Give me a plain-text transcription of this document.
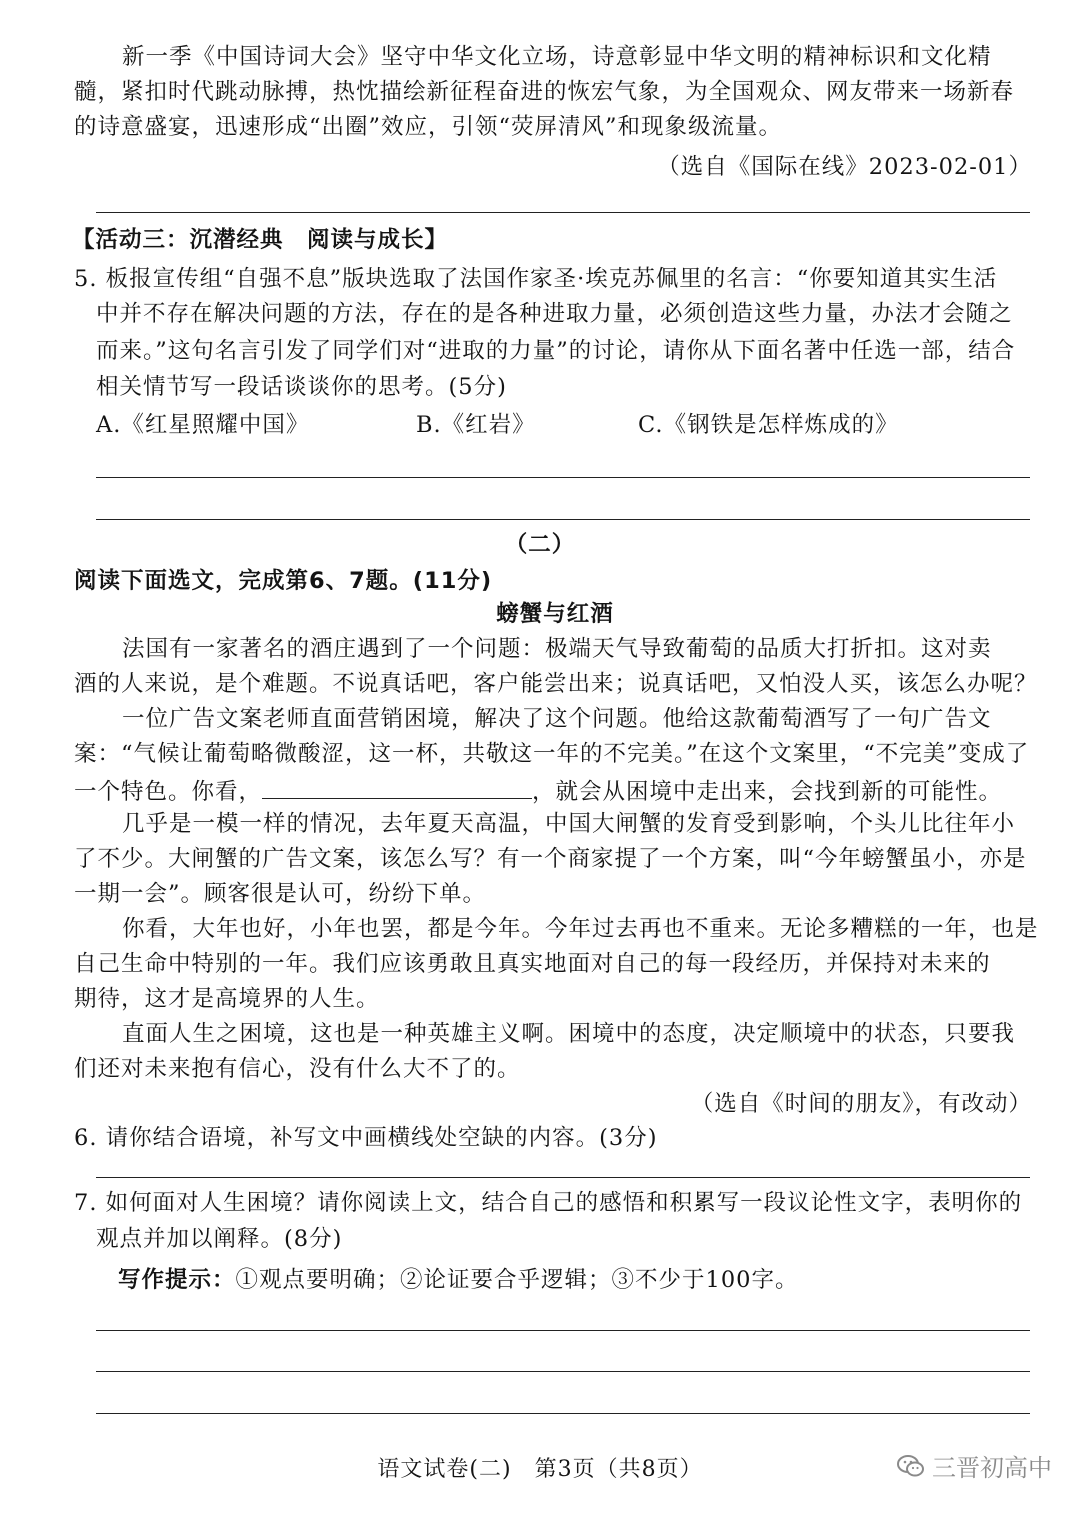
新一季《中国诗词大会》坚守中华文化立场，诗意彰显中华文明的精神标识和文化精

髓，紧扣时代跳动脉搏，热忱描绘新征程奋进的恢宏气象，为全国观众、网友带来一场新春

的诗意盛宴，迅速形成“出圈”效应，引领“荧屏清风”和现象级流量。

（选自《国际在线》2023-02-01）

【活动三：沉潜经典　阅读与成长】

5. 板报宣传组“自强不息”版块选取了法国作家圣·埃克苏佩里的名言：“你要知道其实生活

中并不存在解决问题的方法，存在的是各种进取力量，必须创造这些力量，办法才会随之

而来。”这句名言引发了同学们对“进取的力量”的讨论，请你从下面名著中任选一部，结合

相关情节写一段话谈谈你的思考。(5分)

A.《红星照耀中国》	B.《红岩》	C.《钢铁是怎样炼成的》

（二）

阅读下面选文，完成第6、7题。(11分)

螃蟹与红酒

法国有一家著名的酒庄遇到了一个问题：极端天气导致葡萄的品质大打折扣。这对卖

酒的人来说，是个难题。不说真话吧，客户能尝出来；说真话吧，又怕没人买，该怎么办呢？

一位广告文案老师直面营销困境，解决了这个问题。他给这款葡萄酒写了一句广告文

案：“气候让葡萄略微酸涩，这一杯，共敬这一年的不完美。”在这个文案里，“不完美”变成了

一个特色。你看，	，就会从困境中走出来，会找到新的可能性。

几乎是一模一样的情况，去年夏天高温，中国大闸蟹的发育受到影响，个头儿比往年小

了不少。大闸蟹的广告文案，该怎么写？有一个商家提了一个方案，叫“今年螃蟹虽小，亦是

一期一会”。顾客很是认可，纷纷下单。

你看，大年也好，小年也罢，都是今年。今年过去再也不重来。无论多糟糕的一年，也是

自己生命中特别的一年。我们应该勇敢且真实地面对自己的每一段经历，并保持对未来的

期待，这才是高境界的人生。

直面人生之困境，这也是一种英雄主义啊。困境中的态度，决定顺境中的状态，只要我

们还对未来抱有信心，没有什么大不了的。

（选自《时间的朋友》，有改动）

6. 请你结合语境，补写文中画横线处空缺的内容。(3分)

7. 如何面对人生困境？请你阅读上文，结合自己的感悟和积累写一段议论性文字，表明你的

观点并加以阐释。(8分)

写作提示：①观点要明确；②论证要合乎逻辑；③不少于100字。

语文试卷(二)　第3页（共8页）	三晋初高中
